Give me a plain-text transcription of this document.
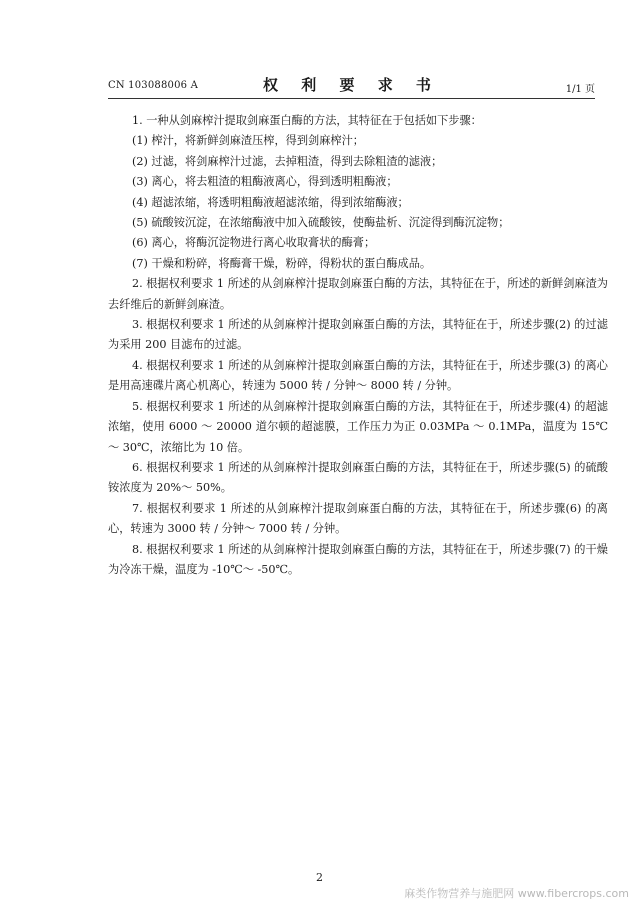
CN 103088006 A	权 利 要 求 书	1/1 页

1. 一种从剑麻榨汁提取剑麻蛋白酶的方法，其特征在于包括如下步骤：

(1) 榨汁，将新鲜剑麻渣压榨，得到剑麻榨汁；

(2) 过滤，将剑麻榨汁过滤，去掉粗渣，得到去除粗渣的滤液；

(3) 离心，将去粗渣的粗酶液离心，得到透明粗酶液；

(4) 超滤浓缩，将透明粗酶液超滤浓缩，得到浓缩酶液；

(5) 硫酸铵沉淀，在浓缩酶液中加入硫酸铵，使酶盐析、沉淀得到酶沉淀物；

(6) 离心，将酶沉淀物进行离心收取膏状的酶膏；

(7) 干燥和粉碎，将酶膏干燥，粉碎，得粉状的蛋白酶成品。

2. 根据权利要求 1 所述的从剑麻榨汁提取剑麻蛋白酶的方法，其特征在于，所述的新鲜剑麻渣为去纤维后的新鲜剑麻渣。

3. 根据权利要求 1 所述的从剑麻榨汁提取剑麻蛋白酶的方法，其特征在于，所述步骤(2) 的过滤为采用 200 目滤布的过滤。

4. 根据权利要求 1 所述的从剑麻榨汁提取剑麻蛋白酶的方法，其特征在于，所述步骤(3) 的离心是用高速碟片离心机离心，转速为 5000 转 / 分钟～ 8000 转 / 分钟。

5. 根据权利要求 1 所述的从剑麻榨汁提取剑麻蛋白酶的方法，其特征在于，所述步骤(4) 的超滤浓缩，使用 6000 ～ 20000 道尔顿的超滤膜，工作压力为正 0.03MPa ～ 0.1MPa，温度为 15℃～ 30℃，浓缩比为 10 倍。

6. 根据权利要求 1 所述的从剑麻榨汁提取剑麻蛋白酶的方法，其特征在于，所述步骤(5) 的硫酸铵浓度为 20%～ 50%。

7. 根据权利要求 1 所述的从剑麻榨汁提取剑麻蛋白酶的方法，其特征在于，所述步骤(6) 的离心，转速为 3000 转 / 分钟～ 7000 转 / 分钟。

8. 根据权利要求 1 所述的从剑麻榨汁提取剑麻蛋白酶的方法，其特征在于，所述步骤(7) 的干燥为冷冻干燥，温度为 -10℃～ -50℃。

2
麻类作物营养与施肥网 www.fibercrops.com
